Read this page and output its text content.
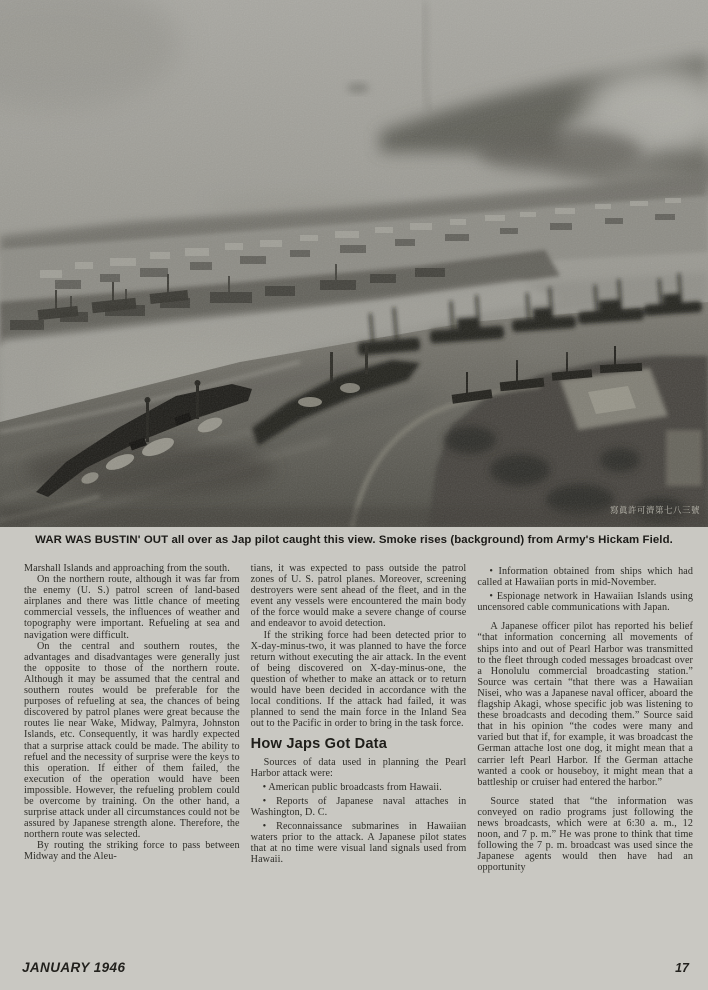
寫眞許可濟第七八三號
WAR WAS BUSTIN' OUT all over as Jap pilot caught this view. Smoke rises (background) from Army's Hickam Field.

Marshall Islands and approaching from the south.

On the northern route, although it was far from the enemy (U. S.) patrol screen of land-based airplanes and there was little chance of meeting commercial vessels, the influences of weather and topography were important. Refueling at sea and navigation were difficult.

On the central and southern routes, the advantages and disadvantages were generally just the opposite to those of the northern route. Although it may be assumed that the central and southern routes would be preferable for the purposes of refueling at sea, the chances of being discovered by patrol planes were great because the routes lie near Wake, Midway, Palmyra, Johnston Islands, etc. Consequently, it was hardly expected that a surprise attack could be made. The ability to refuel and the necessity of surprise were the keys to this operation. If either of them failed, the execution of the operation would have been impossible. However, the refueling problem could be overcome by training. On the other hand, a surprise attack under all circumstances could not be assured by Japanese strength alone. Therefore, the northern route was selected.

By routing the striking force to pass between Midway and the Aleu-

tians, it was expected to pass outside the patrol zones of U. S. patrol planes. Moreover, screening destroyers were sent ahead of the fleet, and in the event any vessels were encountered the main body of the force would make a severe change of course and endeavor to avoid detection.

If the striking force had been detected prior to X-day-minus-two, it was planned to have the force return without executing the air attack. In the event of being discovered on X-day-minus-one, the question of whether to make an attack or to return would have been decided in accordance with the local conditions. If the attack had failed, it was planned to send the main force in the Inland Sea out to the Pacific in order to bring in the task force.

How Japs Got Data

Sources of data used in planning the Pearl Harbor attack were:

• American public broadcasts from Hawaii.

• Reports of Japanese naval attaches in Washington, D. C.

• Reconnaissance submarines in Hawaiian waters prior to the attack. A Japanese pilot states that at no time were visual land signals used from Hawaii.

• Information obtained from ships which had called at Hawaiian ports in mid-November.

• Espionage network in Hawaiian Islands using uncensored cable communications with Japan.

A Japanese officer pilot has reported his belief “that information concerning all movements of ships into and out of Pearl Harbor was transmitted to the fleet through coded messages broadcast over a Honolulu commercial broadcasting station.” Source was certain “that there was a Hawaiian Nisei, who was a Japanese naval officer, aboard the flagship Akagi, whose specific job was listening to these broadcasts and decoding them.” Source said that in his opinion “the codes were many and varied but that if, for example, it was broadcast the German attache lost one dog, it might mean that a carrier left Pearl Harbor. If the German attache wanted a cook or houseboy, it might mean that a battleship or cruiser had entered the harbor.”

Source stated that “the information was conveyed on radio programs just following the news broadcasts, which were at 6:30 a. m., 12 noon, and 7 p. m.” He was prone to think that time following the 7 p. m. broadcast was used since the Japanese agents would then have had an opportunity

JANUARY 1946	17
